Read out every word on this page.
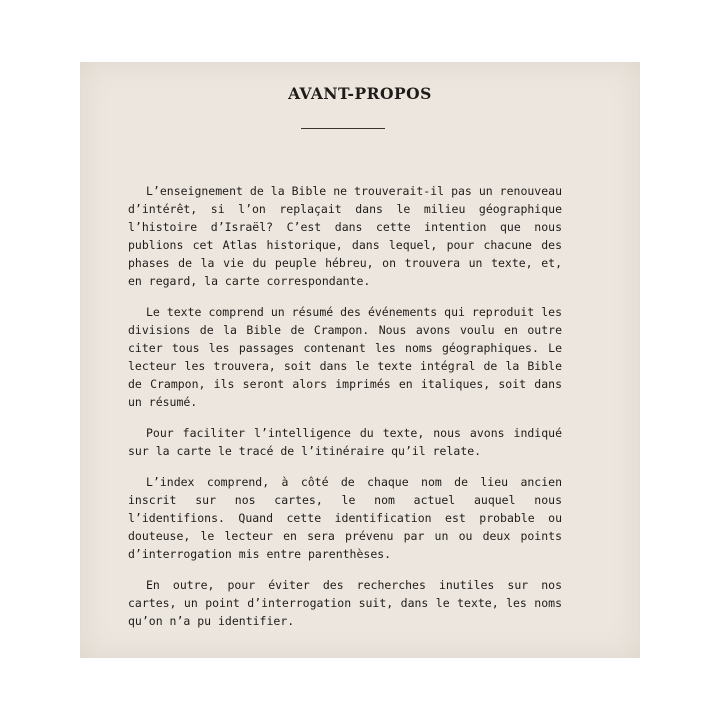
AVANT-PROPOS

L’enseignement de la Bible ne trouverait-il pas un renouveau d’intérêt, si l’on replaçait dans le milieu géographique l’histoire d’Israël? C’est dans cette intention que nous publions cet Atlas historique, dans lequel, pour chacune des phases de la vie du peuple hébreu, on trouvera un texte, et, en regard, la carte correspondante.

Le texte comprend un résumé des événements qui reproduit les divisions de la Bible de Crampon. Nous avons voulu en outre citer tous les passages contenant les noms géographiques. Le lecteur les trouvera, soit dans le texte intégral de la Bible de Crampon, ils seront alors imprimés en italiques, soit dans un résumé.

Pour faciliter l’intelligence du texte, nous avons indiqué sur la carte le tracé de l’itinéraire qu’il relate.

L’index comprend, à côté de chaque nom de lieu ancien inscrit sur nos cartes, le nom actuel auquel nous l’identifions. Quand cette identification est probable ou douteuse, le lecteur en sera prévenu par un ou deux points d’interrogation mis entre parenthèses.

En outre, pour éviter des recherches inutiles sur nos cartes, un point d’interrogation suit, dans le texte, les noms qu’on n’a pu identifier.
